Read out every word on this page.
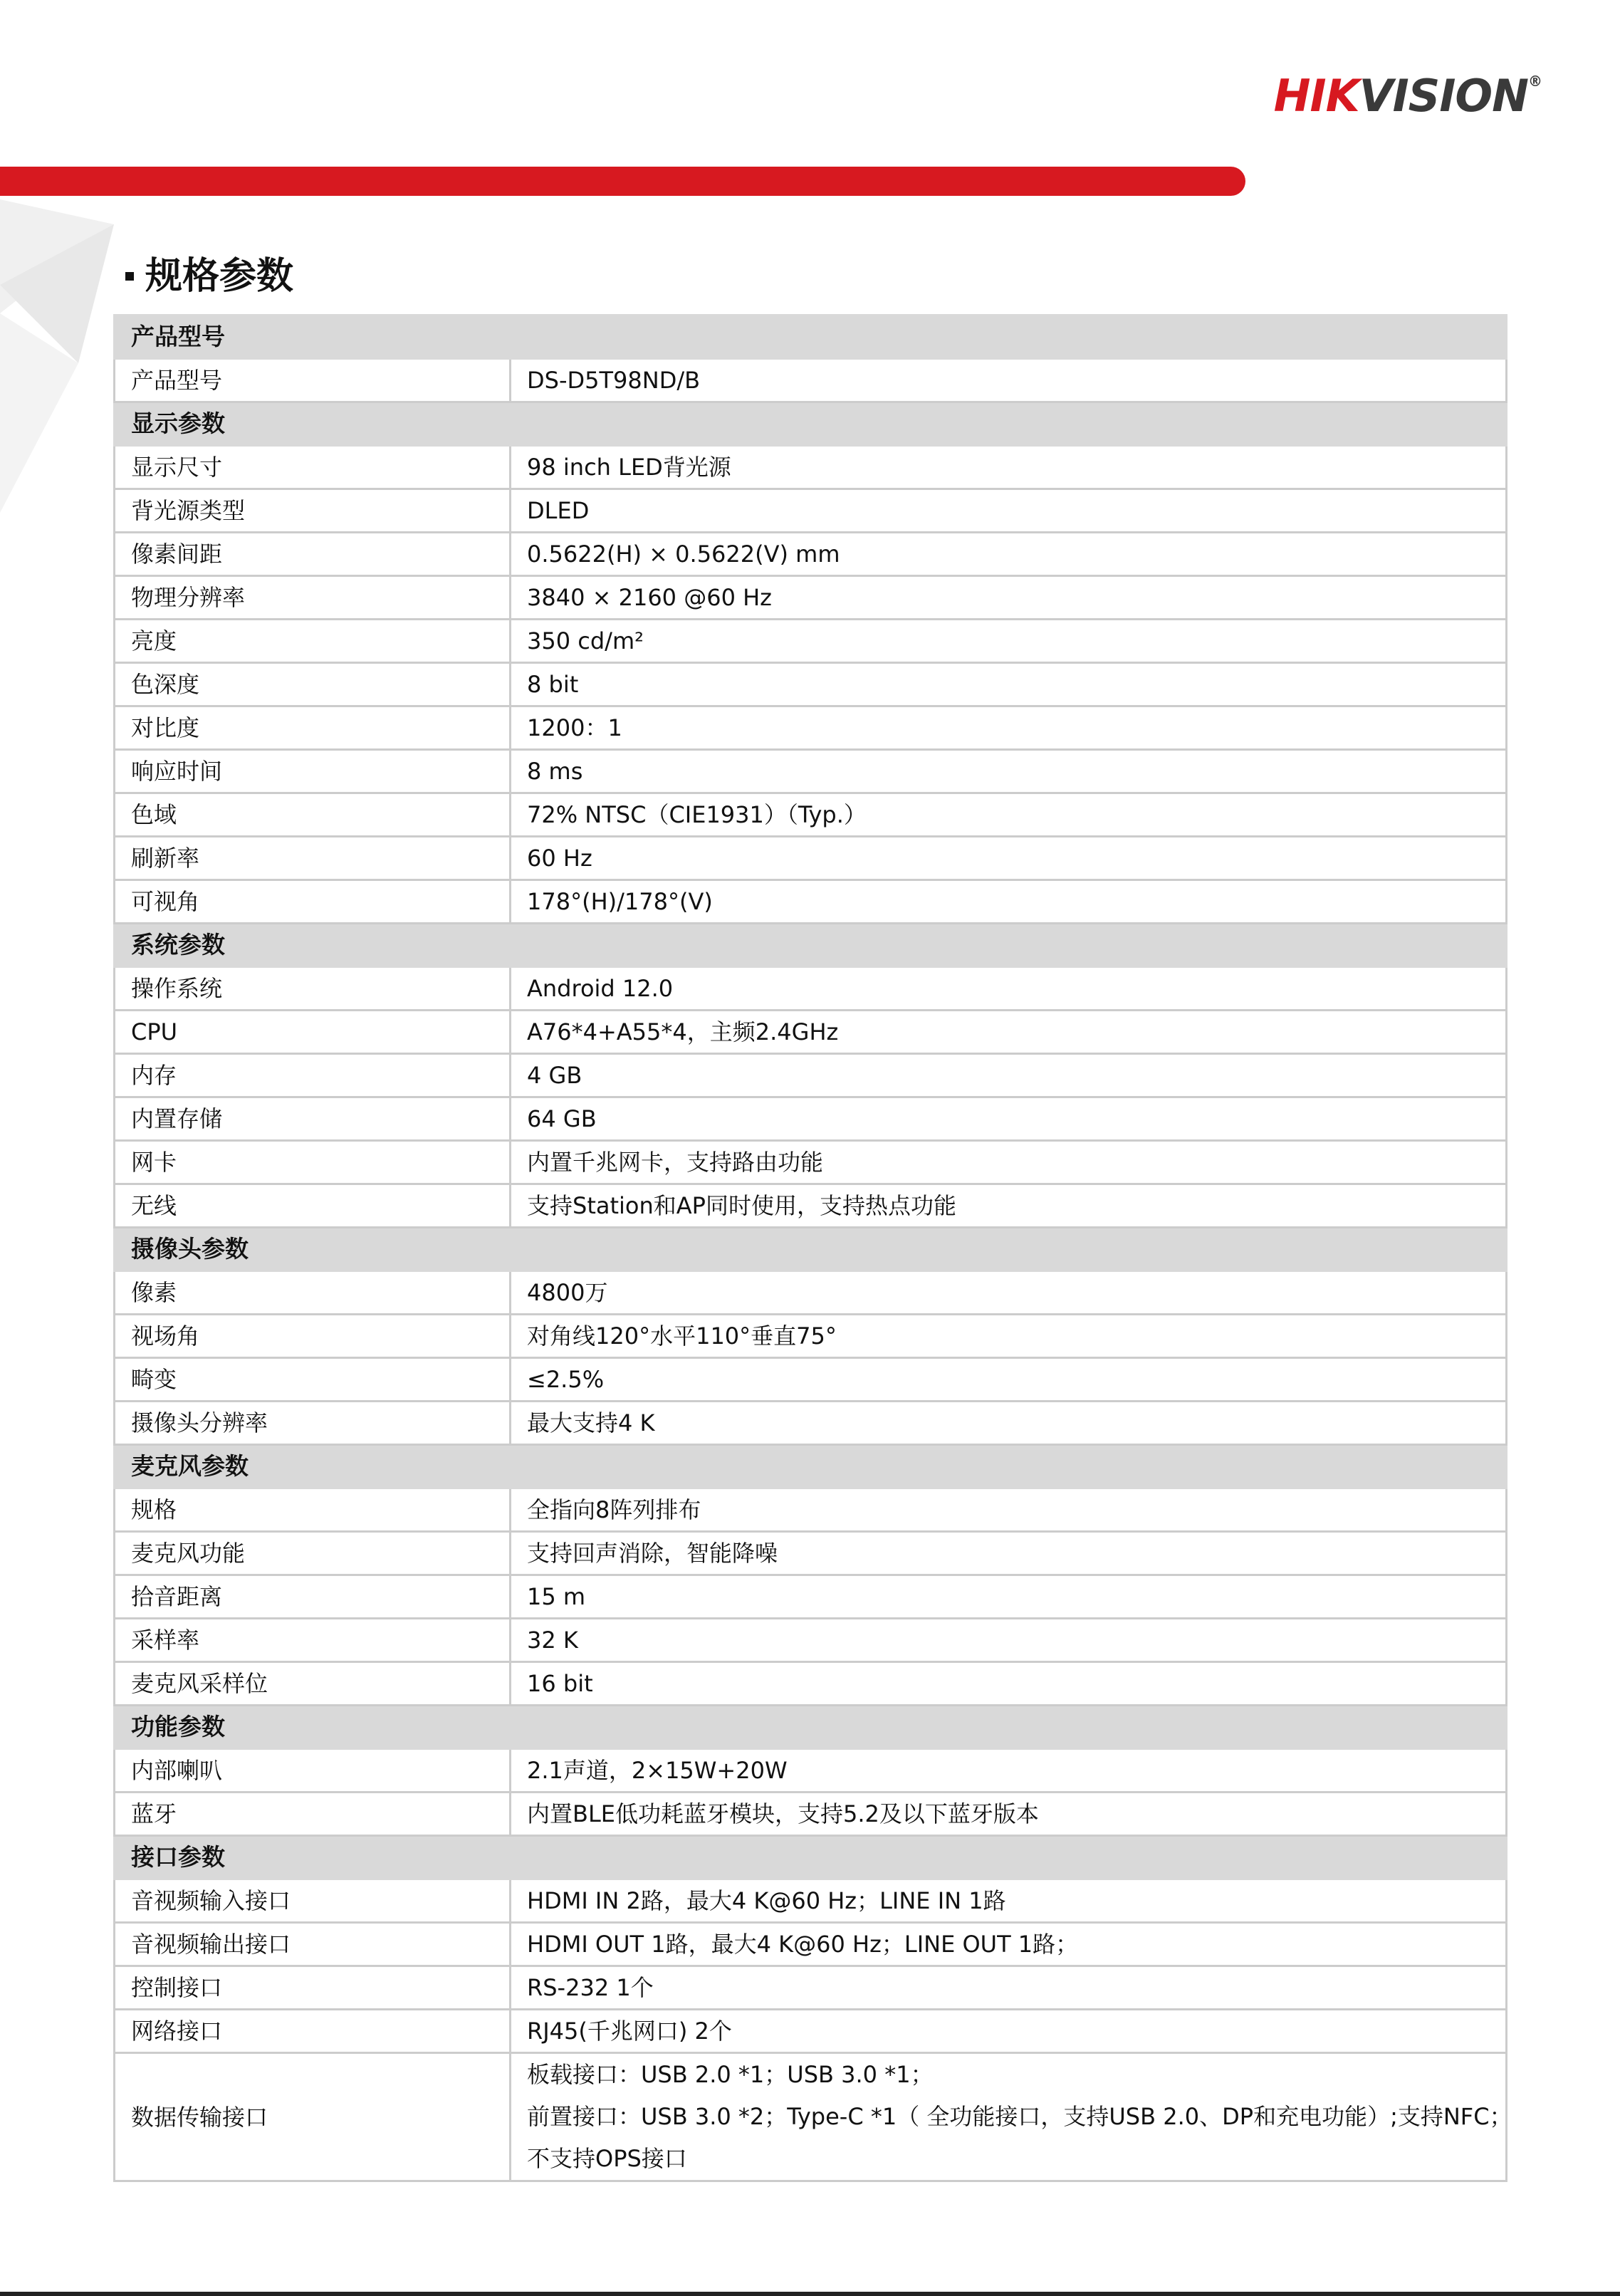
HIKVISION®
规格参数
产品型号	
产品型号	DS-D5T98ND/B
显示参数	
显示尺寸	98 inch LED背光源
背光源类型	DLED
像素间距	0.5622(H) × 0.5622(V) mm
物理分辨率	3840 × 2160 @60 Hz
亮度	350 cd/m²
色深度	8 bit
对比度	1200：1
响应时间	8 ms
色域	72% NTSC（CIE1931）（Typ.）
刷新率	60 Hz
可视角	178°(H)/178°(V)
系统参数	
操作系统	Android 12.0
CPU	A76*4+A55*4，主频2.4GHz
内存	4 GB
内置存储	64 GB
网卡	内置千兆网卡，支持路由功能
无线	支持Station和AP同时使用，支持热点功能
摄像头参数	
像素	4800万
视场角	对角线120°水平110°垂直75°
畸变	≤2.5%
摄像头分辨率	最大支持4 K
麦克风参数	
规格	全指向8阵列排布
麦克风功能	支持回声消除，智能降噪
拾音距离	15 m
采样率	32 K
麦克风采样位	16 bit
功能参数	
内部喇叭	2.1声道，2×15W+20W
蓝牙	内置BLE低功耗蓝牙模块，支持5.2及以下蓝牙版本
接口参数	
音视频输入接口	HDMI IN 2路，最大4 K@60 Hz；LINE IN 1路
音视频输出接口	HDMI OUT 1路，最大4 K@60 Hz；LINE OUT 1路；
控制接口	RS-232 1个
网络接口	RJ45(千兆网口) 2个
数据传输接口	板载接口：USB 2.0 *1；USB 3.0 *1；
前置接口：USB 3.0 *2；Type-C *1（ 全功能接口，支持USB 2.0、DP和充电功能）;支持NFC；
不支持OPS接口
